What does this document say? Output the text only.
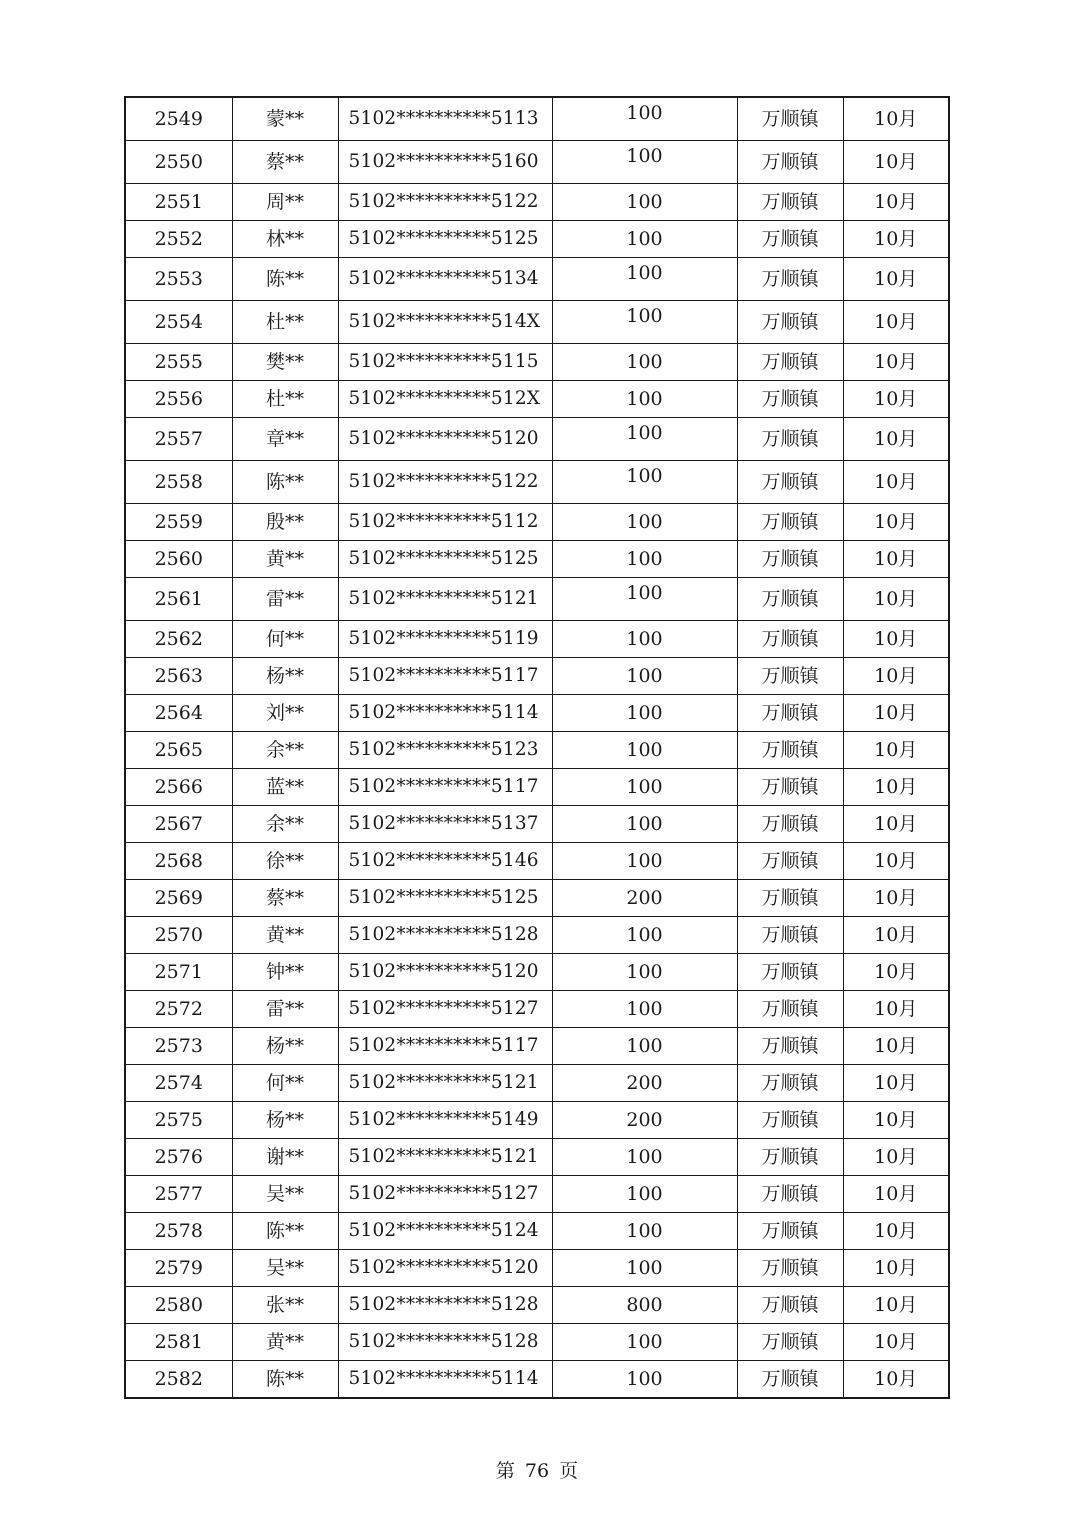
2549	蒙**	5102**********5113	100	万顺镇	10月
2550	蔡**	5102**********5160	100	万顺镇	10月
2551	周**	5102**********5122	100	万顺镇	10月
2552	林**	5102**********5125	100	万顺镇	10月
2553	陈**	5102**********5134	100	万顺镇	10月
2554	杜**	5102**********514X	100	万顺镇	10月
2555	樊**	5102**********5115	100	万顺镇	10月
2556	杜**	5102**********512X	100	万顺镇	10月
2557	章**	5102**********5120	100	万顺镇	10月
2558	陈**	5102**********5122	100	万顺镇	10月
2559	殷**	5102**********5112	100	万顺镇	10月
2560	黄**	5102**********5125	100	万顺镇	10月
2561	雷**	5102**********5121	100	万顺镇	10月
2562	何**	5102**********5119	100	万顺镇	10月
2563	杨**	5102**********5117	100	万顺镇	10月
2564	刘**	5102**********5114	100	万顺镇	10月
2565	余**	5102**********5123	100	万顺镇	10月
2566	蓝**	5102**********5117	100	万顺镇	10月
2567	余**	5102**********5137	100	万顺镇	10月
2568	徐**	5102**********5146	100	万顺镇	10月
2569	蔡**	5102**********5125	200	万顺镇	10月
2570	黄**	5102**********5128	100	万顺镇	10月
2571	钟**	5102**********5120	100	万顺镇	10月
2572	雷**	5102**********5127	100	万顺镇	10月
2573	杨**	5102**********5117	100	万顺镇	10月
2574	何**	5102**********5121	200	万顺镇	10月
2575	杨**	5102**********5149	200	万顺镇	10月
2576	谢**	5102**********5121	100	万顺镇	10月
2577	吴**	5102**********5127	100	万顺镇	10月
2578	陈**	5102**********5124	100	万顺镇	10月
2579	吴**	5102**********5120	100	万顺镇	10月
2580	张**	5102**********5128	800	万顺镇	10月
2581	黄**	5102**********5128	100	万顺镇	10月
2582	陈**	5102**********5114	100	万顺镇	10月
第 76 页
